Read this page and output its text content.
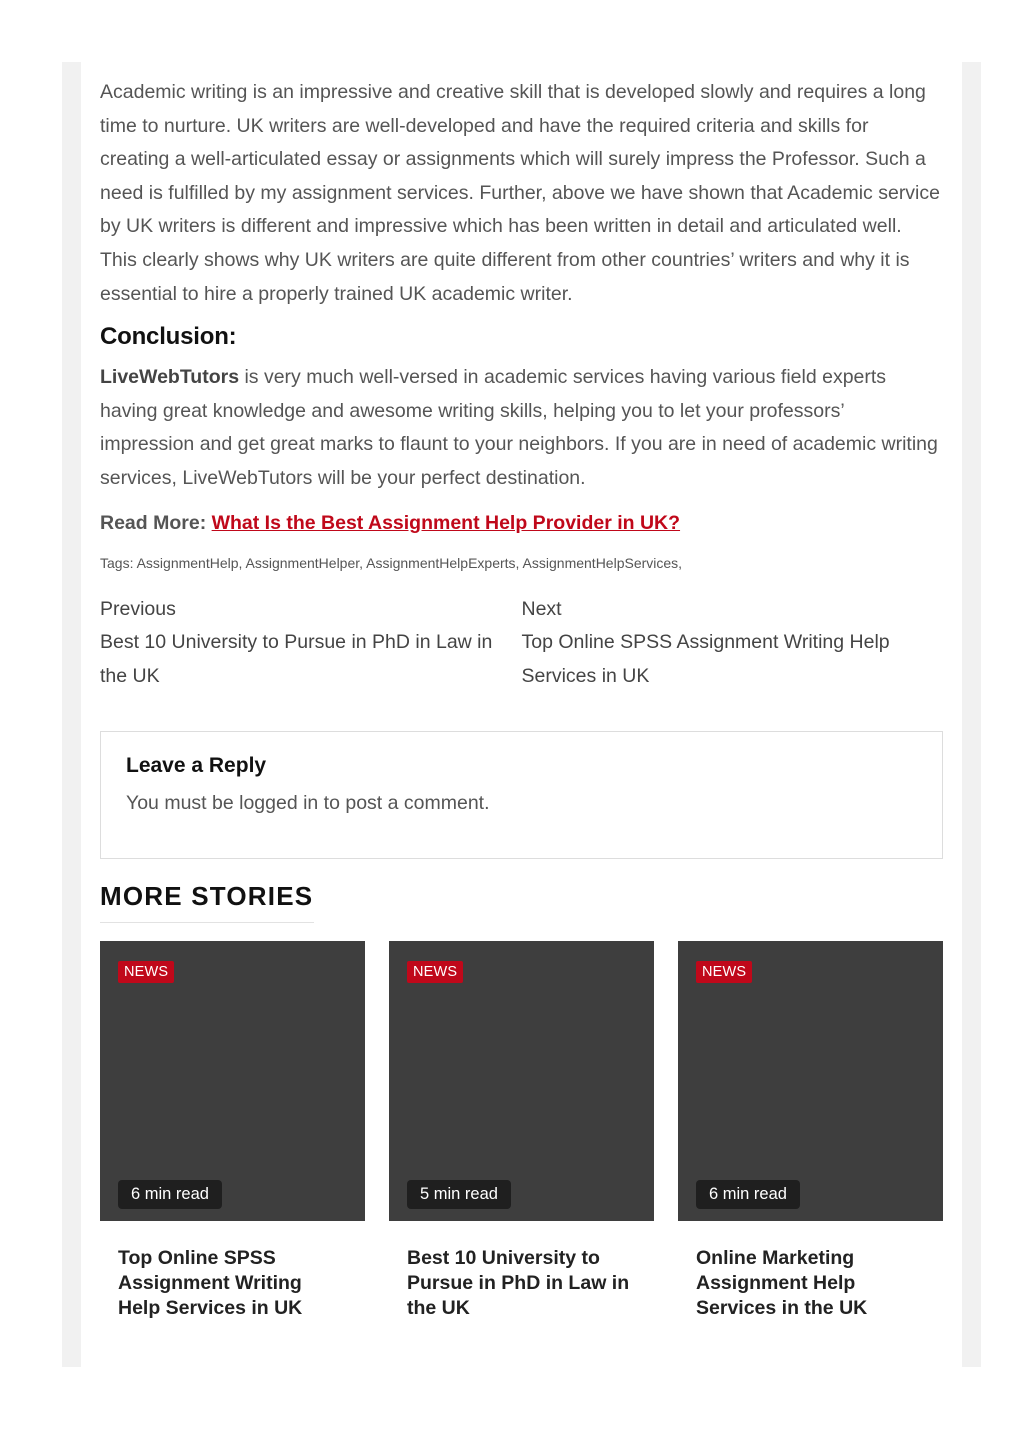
Academic writing is an impressive and creative skill that is developed slowly and requires a long time to nurture. UK writers are well-developed and have the required criteria and skills for creating a well-articulated essay or assignments which will surely impress the Professor. Such a need is fulfilled by my assignment services. Further, above we have shown that Academic service by UK writers is different and impressive which has been written in detail and articulated well. This clearly shows why UK writers are quite different from other countries’ writers and why it is essential to hire a properly trained UK academic writer.

Conclusion:

LiveWebTutors is very much well-versed in academic services having various field experts having great knowledge and awesome writing skills, helping you to let your professors’ impression and get great marks to flaunt to your neighbors. If you are in need of academic writing services, LiveWebTutors will be your perfect destination.

Read More: What Is the Best Assignment Help Provider in UK?

Tags: AssignmentHelp, AssignmentHelper, AssignmentHelpExperts, AssignmentHelpServices,

Previous
Best 10 University to Pursue in PhD in Law in the UK
Next
Top Online SPSS Assignment Writing Help Services in UK
Leave a Reply

You must be logged in to post a comment.

MORE STORIES
NEWS
6 min read
Top Online SPSS Assignment Writing Help Services in UK
NEWS
5 min read
Best 10 University to Pursue in PhD in Law in the UK
NEWS
6 min read
Online Marketing Assignment Help Services in the UK
